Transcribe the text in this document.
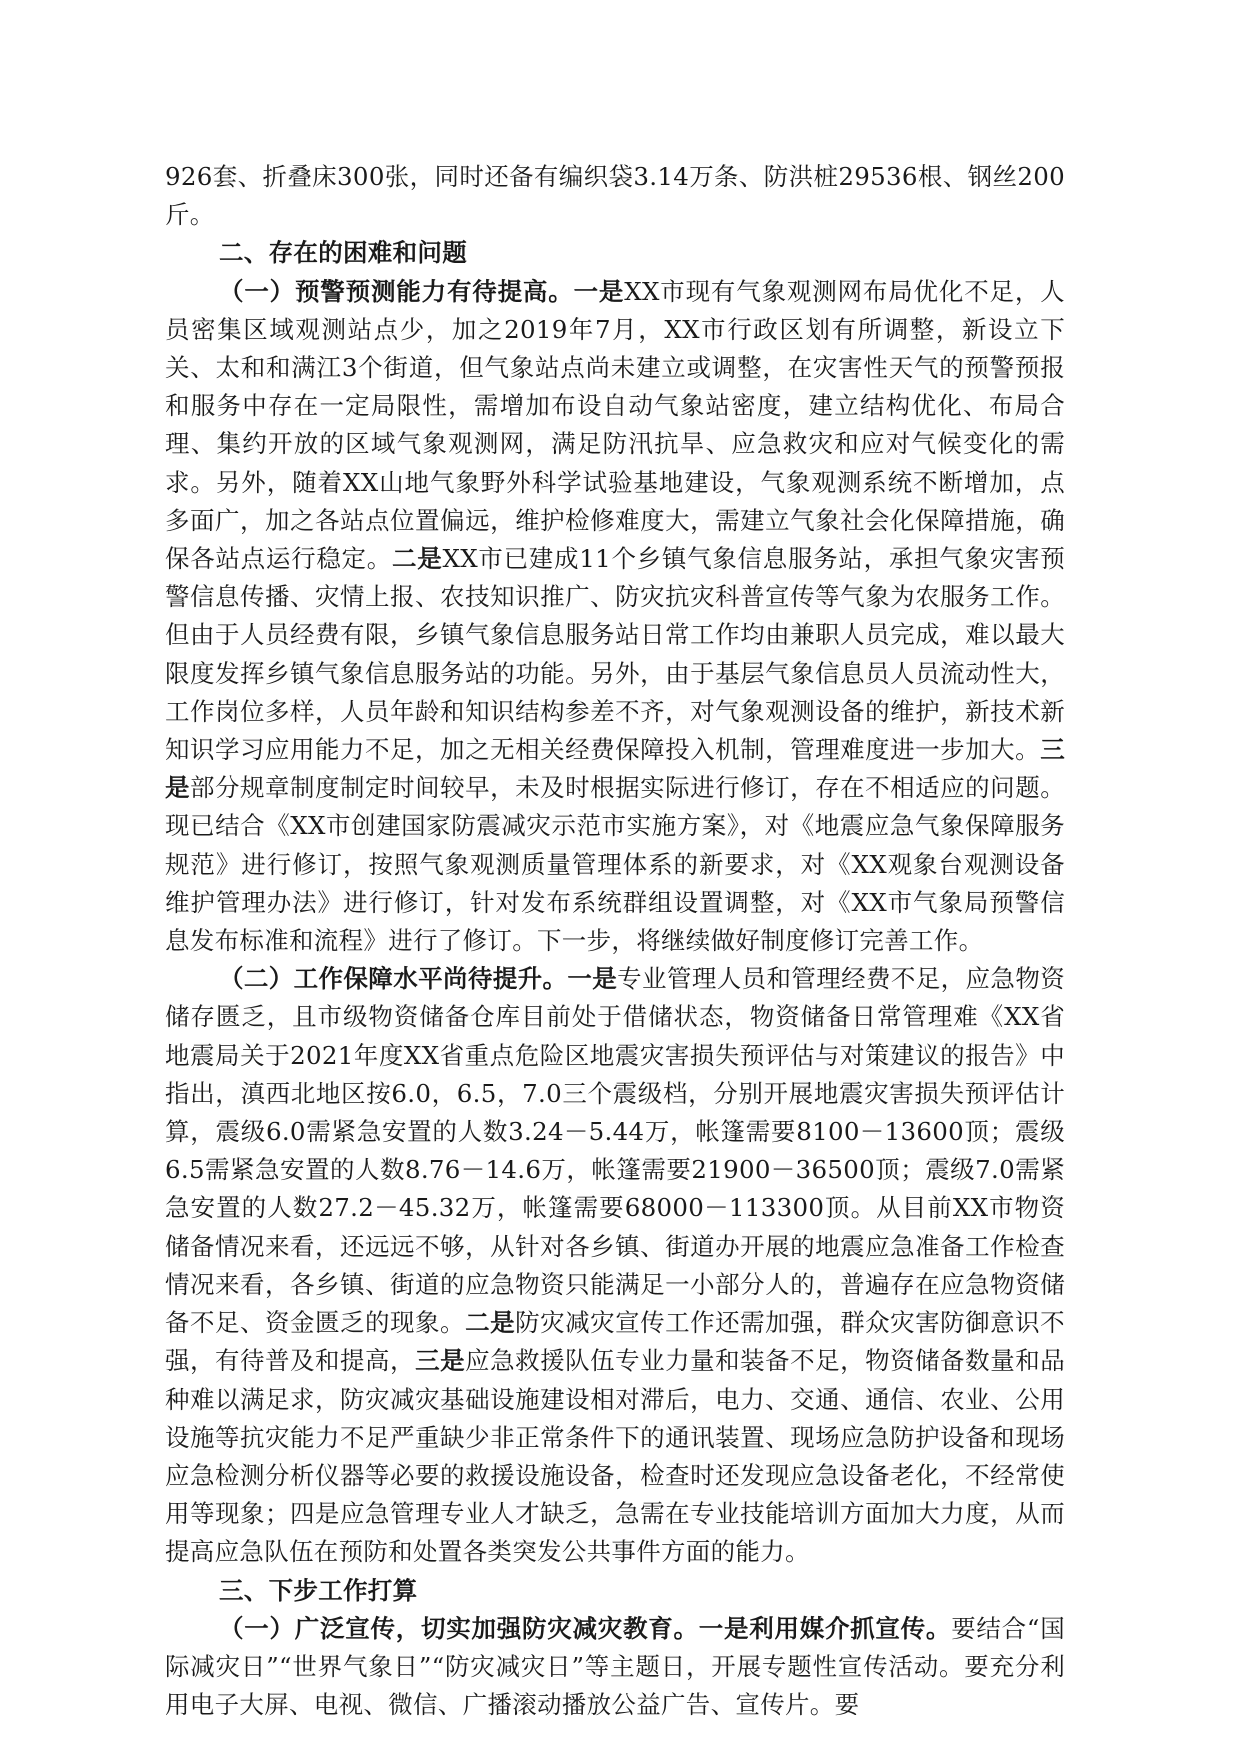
926套、折叠床300张，同时还备有编织袋3.14万条、防洪桩29536根、钢丝200斤。

二、存在的困难和问题

（一）预警预测能力有待提高。一是XX市现有气象观测网布局优化不足，人员密集区域观测站点少，加之2019年7月，XX市行政区划有所调整，新设立下关、太和和满江3个街道，但气象站点尚未建立或调整，在灾害性天气的预警预报和服务中存在一定局限性，需增加布设自动气象站密度，建立结构优化、布局合理、集约开放的区域气象观测网，满足防汛抗旱、应急救灾和应对气候变化的需求。另外，随着XX山地气象野外科学试验基地建设，气象观测系统不断增加，点多面广，加之各站点位置偏远，维护检修难度大，需建立气象社会化保障措施，确保各站点运行稳定。二是XX市已建成11个乡镇气象信息服务站，承担气象灾害预警信息传播、灾情上报、农技知识推广、防灾抗灾科普宣传等气象为农服务工作。但由于人员经费有限，乡镇气象信息服务站日常工作均由兼职人员完成，难以最大限度发挥乡镇气象信息服务站的功能。另外，由于基层气象信息员人员流动性大，工作岗位多样，人员年龄和知识结构参差不齐，对气象观测设备的维护，新技术新知识学习应用能力不足，加之无相关经费保障投入机制，管理难度进一步加大。三是部分规章制度制定时间较早，未及时根据实际进行修订，存在不相适应的问题。现已结合《XX市创建国家防震减灾示范市实施方案》，对《地震应急气象保障服务规范》进行修订，按照气象观测质量管理体系的新要求，对《XX观象台观测设备维护管理办法》进行修订，针对发布系统群组设置调整，对《XX市气象局预警信息发布标准和流程》进行了修订。下一步，将继续做好制度修订完善工作。

（二）工作保障水平尚待提升。一是专业管理人员和管理经费不足，应急物资储存匮乏，且市级物资储备仓库目前处于借储状态，物资储备日常管理难《XX省地震局关于2021年度XX省重点危险区地震灾害损失预评估与对策建议的报告》中指出，滇西北地区按6.0，6.5，7.0三个震级档，分别开展地震灾害损失预评估计算，震级6.0需紧急安置的人数3.24－5.44万，帐篷需要8100－13600顶；震级6.5需紧急安置的人数8.76－14.6万，帐篷需要21900－36500顶；震级7.0需紧急安置的人数27.2－45.32万，帐篷需要68000－113300顶。从目前XX市物资储备情况来看，还远远不够，从针对各乡镇、街道办开展的地震应急准备工作检查情况来看，各乡镇、街道的应急物资只能满足一小部分人的，普遍存在应急物资储备不足、资金匮乏的现象。二是防灾减灾宣传工作还需加强，群众灾害防御意识不强，有待普及和提高，三是应急救援队伍专业力量和装备不足，物资储备数量和品种难以满足求，防灾减灾基础设施建设相对滞后，电力、交通、通信、农业、公用设施等抗灾能力不足严重缺少非正常条件下的通讯装置、现场应急防护设备和现场应急检测分析仪器等必要的救援设施设备，检查时还发现应急设备老化，不经常使用等现象；四是应急管理专业人才缺乏，急需在专业技能培训方面加大力度，从而提高应急队伍在预防和处置各类突发公共事件方面的能力。

三、下步工作打算

（一）广泛宣传，切实加强防灾减灾教育。一是利用媒介抓宣传。要结合“国际减灾日”“世界气象日”“防灾减灾日”等主题日，开展专题性宣传活动。要充分利用电子大屏、电视、微信、广播滚动播放公益广告、宣传片。要
